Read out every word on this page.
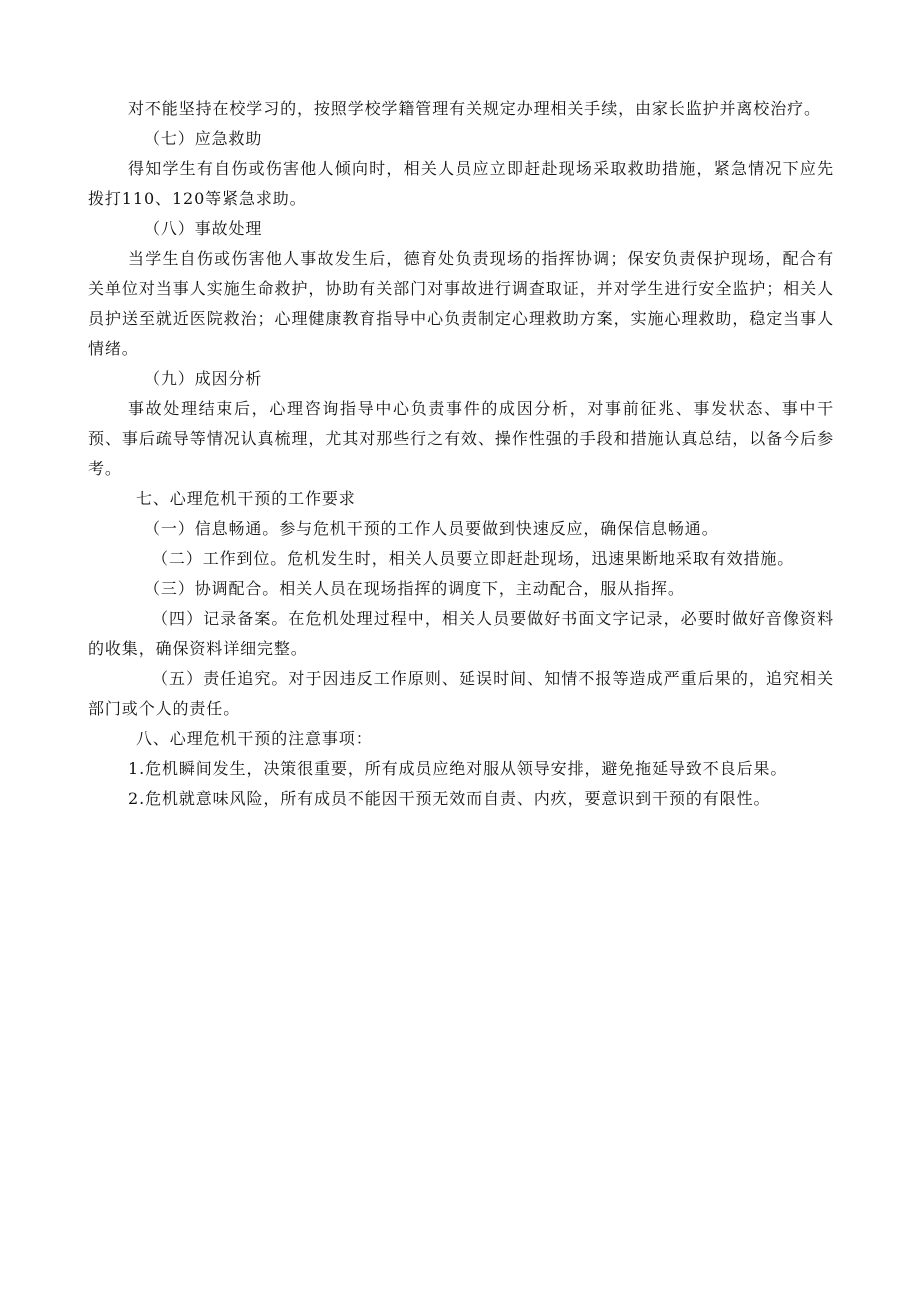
对不能坚持在校学习的，按照学校学籍管理有关规定办理相关手续，由家长监护并离校治疗。

（七）应急救助

得知学生有自伤或伤害他人倾向时，相关人员应立即赶赴现场采取救助措施，紧急情况下应先拨打110、120等紧急求助。

（八）事故处理

当学生自伤或伤害他人事故发生后，德育处负责现场的指挥协调；保安负责保护现场，配合有关单位对当事人实施生命救护，协助有关部门对事故进行调查取证，并对学生进行安全监护；相关人员护送至就近医院救治；心理健康教育指导中心负责制定心理救助方案，实施心理救助，稳定当事人情绪。

（九）成因分析

事故处理结束后，心理咨询指导中心负责事件的成因分析，对事前征兆、事发状态、事中干预、事后疏导等情况认真梳理，尤其对那些行之有效、操作性强的手段和措施认真总结，以备今后参考。

七、心理危机干预的工作要求

（一）信息畅通。参与危机干预的工作人员要做到快速反应，确保信息畅通。

（二）工作到位。危机发生时，相关人员要立即赶赴现场，迅速果断地采取有效措施。

（三）协调配合。相关人员在现场指挥的调度下，主动配合，服从指挥。

（四）记录备案。在危机处理过程中，相关人员要做好书面文字记录，必要时做好音像资料的收集，确保资料详细完整。

（五）责任追究。对于因违反工作原则、延误时间、知情不报等造成严重后果的，追究相关部门或个人的责任。

八、心理危机干预的注意事项：

1.危机瞬间发生，决策很重要，所有成员应绝对服从领导安排，避免拖延导致不良后果。

2.危机就意味风险，所有成员不能因干预无效而自责、内疚，要意识到干预的有限性。
